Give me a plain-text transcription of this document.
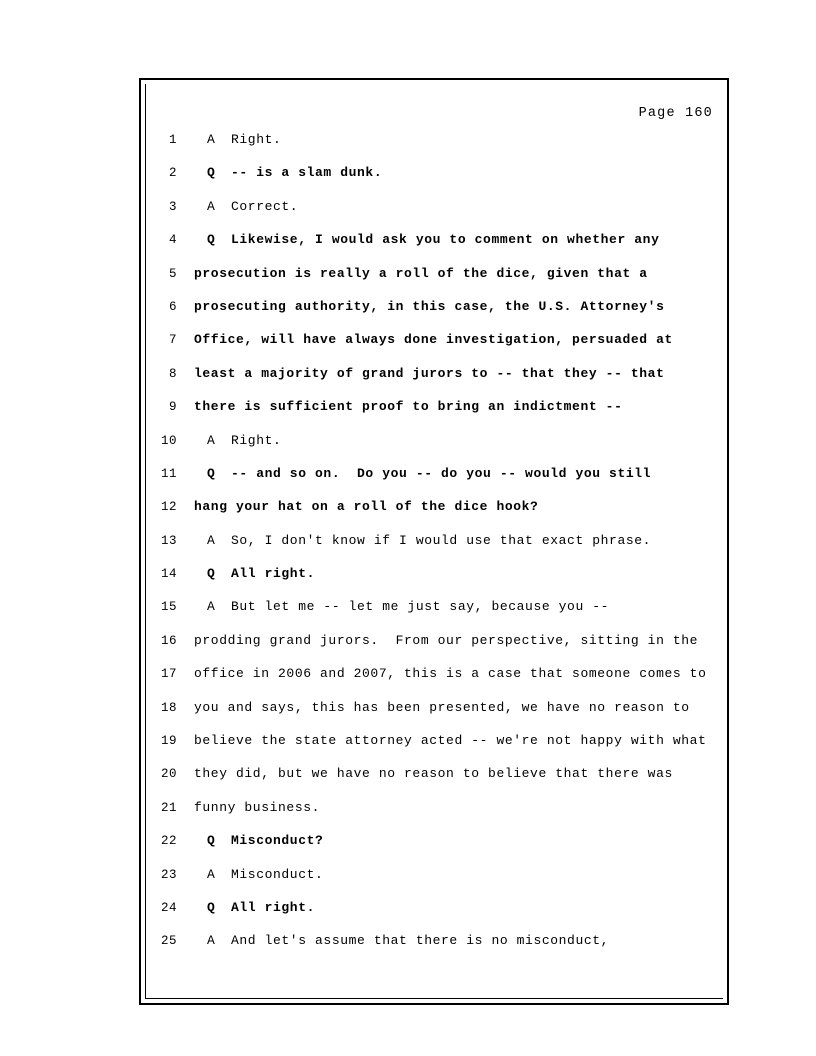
Page 160
1	A	Right.
2	Q	-- is a slam dunk.
3	A	Correct.
4	Q	Likewise, I would ask you to comment on whether any
5	prosecution is really a roll of the dice, given that a
6	prosecuting authority, in this case, the U.S. Attorney's
7	Office, will have always done investigation, persuaded at
8	least a majority of grand jurors to -- that they -- that
9	there is sufficient proof to bring an indictment --
10	A	Right.
11	Q	-- and so on.  Do you -- do you -- would you still
12	hang your hat on a roll of the dice hook?
13	A	So, I don't know if I would use that exact phrase.
14	Q	All right.
15	A	But let me -- let me just say, because you --
16	prodding grand jurors.  From our perspective, sitting in the
17	office in 2006 and 2007, this is a case that someone comes to
18	you and says, this has been presented, we have no reason to
19	believe the state attorney acted -- we're not happy with what
20	they did, but we have no reason to believe that there was
21	funny business.
22	Q	Misconduct?
23	A	Misconduct.
24	Q	All right.
25	A	And let's assume that there is no misconduct,
